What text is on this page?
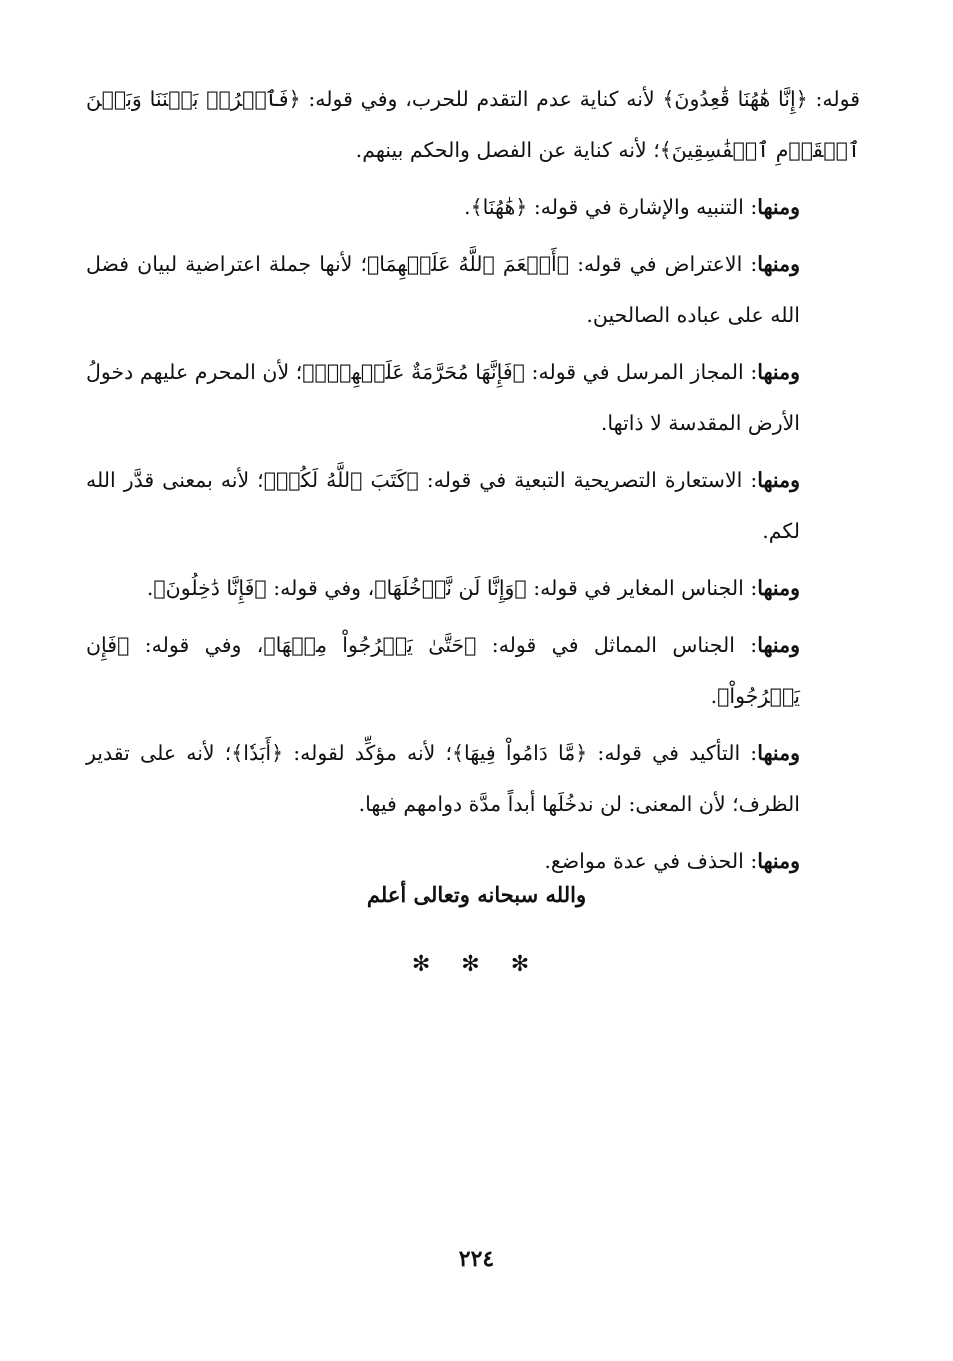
قوله: ﴿إِنَّا هَٰهُنَا قَٰعِدُونَ﴾ لأنه كناية عدم التقدم للحرب، وفي قوله: ﴿فَٱفۡرُقۡ بَيۡنَنَا وَبَيۡنَ ٱلۡقَوۡمِ ٱلۡفَٰسِقِينَ﴾؛ لأنه كناية عن الفصل والحكم بينهم.

ومنها: التنبيه والإشارة في قوله: ﴿هَٰهُنَا﴾.

ومنها: الاعتراض في قوله: ﴿أَنۡعَمَ ٱللَّهُ عَلَيۡهِمَا﴾؛ لأنها جملة اعتراضية لبيان فضل الله على عباده الصالحين.

ومنها: المجاز المرسل في قوله: ﴿فَإِنَّهَا مُحَرَّمَةٌ عَلَيۡهِمۡۛ﴾؛ لأن المحرم عليهم دخولُ الأرض المقدسة لا ذاتها.

ومنها: الاستعارة التصريحية التبعية في قوله: ﴿كَتَبَ ٱللَّهُ لَكُمۡ﴾؛ لأنه بمعنى قدَّر الله لكم.

ومنها: الجناس المغاير في قوله: ﴿وَإِنَّا لَن نَّدۡخُلَهَا﴾، وفي قوله: ﴿فَإِنَّا دَٰخِلُونَ﴾.

ومنها: الجناس المماثل في قوله: ﴿حَتَّىٰ يَخۡرُجُواْ مِنۡهَا﴾، وفي قوله: ﴿فَإِن يَخۡرُجُواْ﴾.

ومنها: التأكيد في قوله: ﴿مَّا دَامُواْ فِيهَا﴾؛ لأنه مؤكِّد لقوله: ﴿أَبَدٗا﴾؛ لأنه على تقدير الظرف؛ لأن المعنى: لن ندخُلَها أبداً مدَّة دوامهم فيها.

ومنها: الحذف في عدة مواضع.

والله سبحانه وتعالى أعلم
✻ ✻ ✻
٢٢٤
